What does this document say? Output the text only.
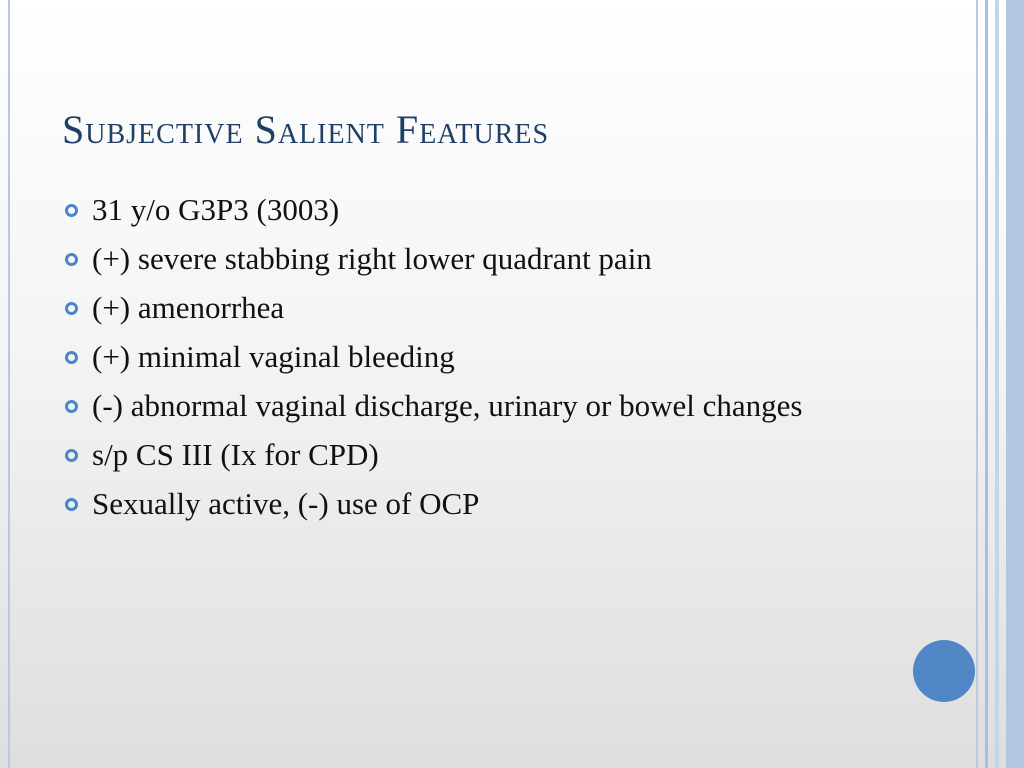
Subjective Salient Features
31 y/o G3P3 (3003)
(+) severe stabbing right lower quadrant pain
(+) amenorrhea
(+) minimal vaginal bleeding
(-) abnormal vaginal discharge, urinary or bowel changes
s/p CS III (Ix for CPD)
Sexually active, (-) use of OCP
